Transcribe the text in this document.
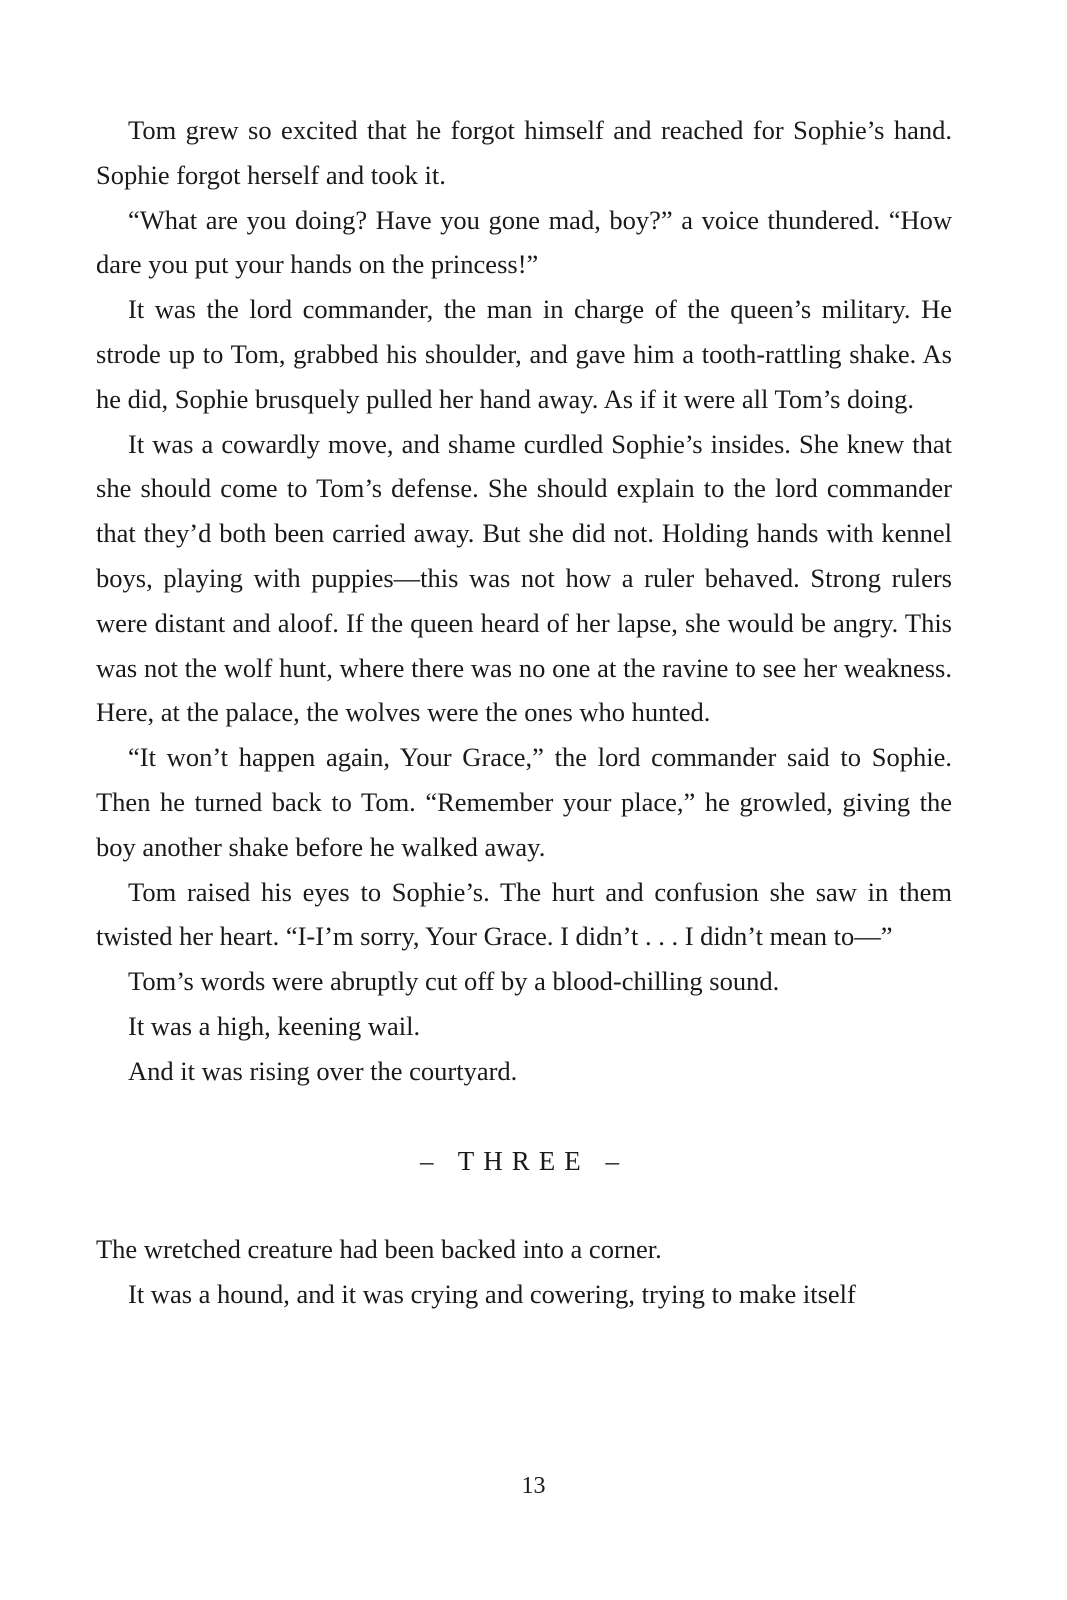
Tom grew so excited that he forgot himself and reached for Sophie’s hand. Sophie forgot herself and took it.

“What are you doing? Have you gone mad, boy?” a voice thundered. “How dare you put your hands on the princess!”

It was the lord commander, the man in charge of the queen’s military. He strode up to Tom, grabbed his shoulder, and gave him a tooth-rattling shake. As he did, Sophie brusquely pulled her hand away. As if it were all Tom’s doing.

It was a cowardly move, and shame curdled Sophie’s insides. She knew that she should come to Tom’s defense. She should explain to the lord commander that they’d both been carried away. But she did not. Holding hands with kennel boys, playing with puppies—this was not how a ruler behaved. Strong rulers were distant and aloof. If the queen heard of her lapse, she would be angry. This was not the wolf hunt, where there was no one at the ravine to see her weakness. Here, at the palace, the wolves were the ones who hunted.

“It won’t happen again, Your Grace,” the lord commander said to Sophie. Then he turned back to Tom. “Remember your place,” he growled, giving the boy another shake before he walked away.

Tom raised his eyes to Sophie’s. The hurt and confusion she saw in them twisted her heart. “I-I’m sorry, Your Grace. I didn’t . . . I didn’t mean to—”

Tom’s words were abruptly cut off by a blood-chilling sound.

It was a high, keening wail.

And it was rising over the courtyard.

– THREE –

The wretched creature had been backed into a corner.

It was a hound, and it was crying and cowering, trying to make itself

13
